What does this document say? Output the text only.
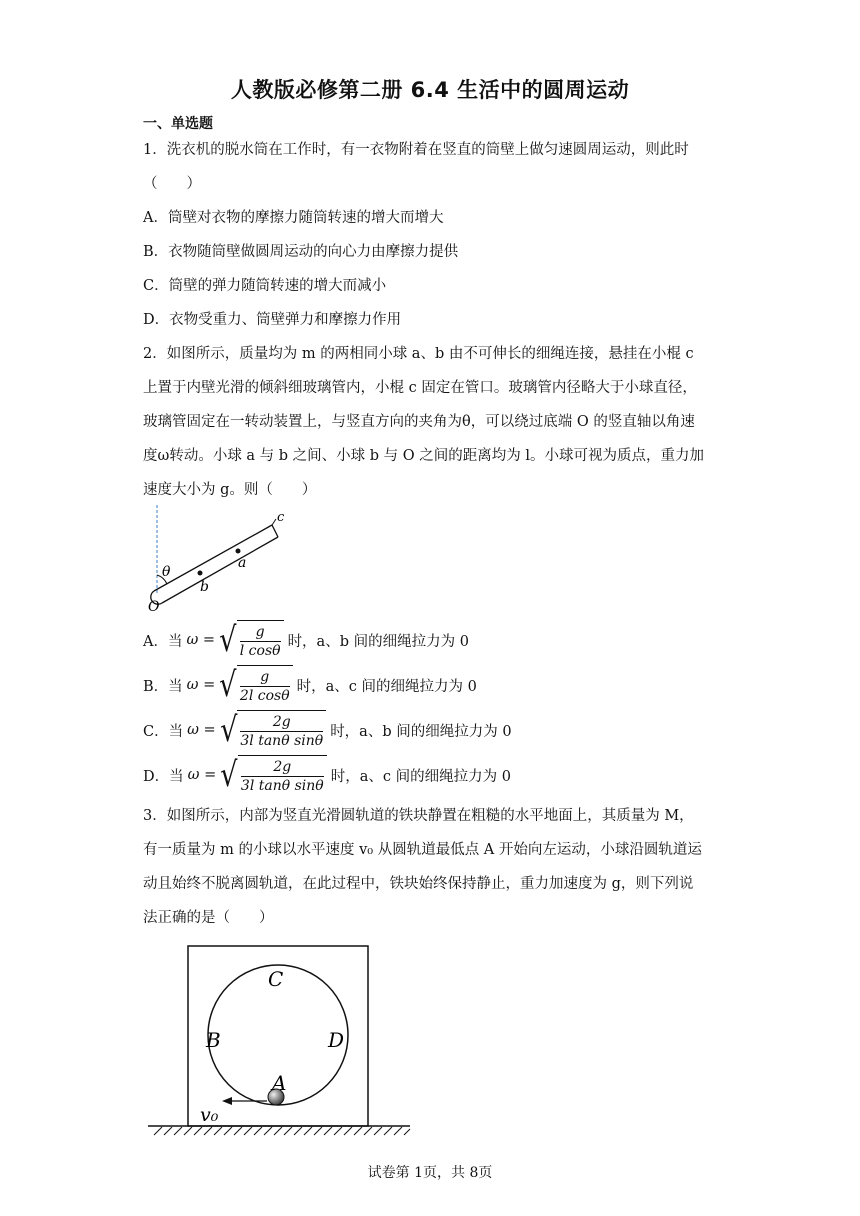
人教版必修第二册 6.4 生活中的圆周运动
一、单选题
1．洗衣机的脱水筒在工作时，有一衣物附着在竖直的筒壁上做匀速圆周运动，则此时
（　　）
A．筒壁对衣物的摩擦力随筒转速的增大而增大
B．衣物随筒壁做圆周运动的向心力由摩擦力提供
C．筒壁的弹力随筒转速的增大而减小
D．衣物受重力、筒壁弹力和摩擦力作用
2．如图所示，质量均为 m 的两相同小球 a、b 由不可伸长的细绳连接，悬挂在小棍 c
上置于内壁光滑的倾斜细玻璃管内，小棍 c 固定在管口。玻璃管内径略大于小球直径，
玻璃管固定在一转动装置上，与竖直方向的夹角为θ，可以绕过底端 O 的竖直轴以角速
度ω转动。小球 a 与 b 之间、小球 b 与 O 之间的距离均为 l。小球可视为质点，重力加
速度大小为 g。则（　　）
c
a
b
θ
O
A．当 ω = √ $\frac{g}{\text{l cosθ}}$ 时，a、b 间的细绳拉力为 0
B．当 ω = √ $\frac{g}{\text{2l cosθ}}$ 时，a、c 间的细绳拉力为 0
C．当 ω = √ $\frac{2g}{\text{3l tanθ sinθ}}$ 时，a、b 间的细绳拉力为 0
D．当 ω = √ $\frac{2g}{\text{3l tanθ sinθ}}$ 时，a、c 间的细绳拉力为 0
3．如图所示，内部为竖直光滑圆轨道的铁块静置在粗糙的水平地面上，其质量为 M，
有一质量为 m 的小球以水平速度 v₀ 从圆轨道最低点 A 开始向左运动，小球沿圆轨道运
动且始终不脱离圆轨道，在此过程中，铁块始终保持静止，重力加速度为 g，则下列说
法正确的是（　　）
C
B	D
A
v₀
试卷第 1页，共 8页
